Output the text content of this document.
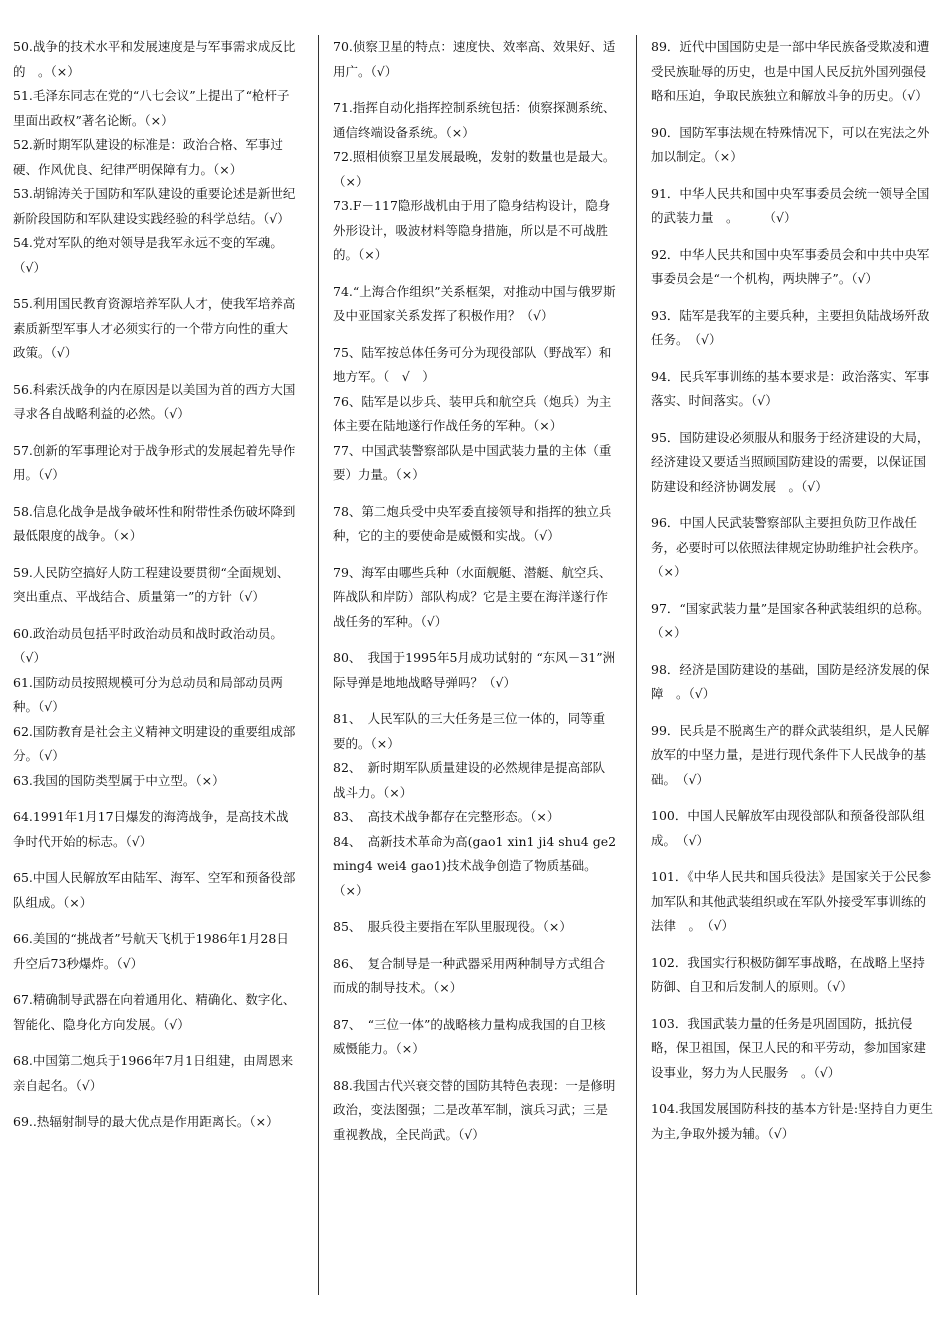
50.战争的技术水平和发展速度是与军事需求成反比的　。（×）

51.毛泽东同志在党的“八七会议”上提出了“枪杆子里面出政权”著名论断。（×）

52.新时期军队建设的标准是：政治合格、军事过硬、作风优良、纪律严明保障有力。（×）

53.胡锦涛关于国防和军队建设的重要论述是新世纪新阶段国防和军队建设实践经验的科学总结。（√）

54.党对军队的绝对领导是我军永远不变的军魂。（√）

55.利用国民教育资源培养军队人才，使我军培养高素质新型军事人才必须实行的一个带方向性的重大政策。（√）

56.科索沃战争的内在原因是以美国为首的西方大国寻求各自战略利益的必然。（√）

57.创新的军事理论对于战争形式的发展起着先导作用。（√）

58.信息化战争是战争破坏性和附带性杀伤破坏降到最低限度的战争。（×）

59.人民防空搞好人防工程建设要贯彻“全面规划、突出重点、平战结合、质量第一”的方针（√）

60.政治动员包括平时政治动员和战时政治动员。（√）

61.国防动员按照规模可分为总动员和局部动员两种。（√）

62.国防教育是社会主义精神文明建设的重要组成部分。（√）

63.我国的国防类型属于中立型。（×）

64.1991年1月17日爆发的海湾战争，是高技术战争时代开始的标志。（√）

65.中国人民解放军由陆军、海军、空军和预备役部队组成。（×）

66.美国的“挑战者”号航天飞机于1986年1月28日升空后73秒爆炸。（√）

67.精确制导武器在向着通用化、精确化、数字化、智能化、隐身化方向发展。（√）

68.中国第二炮兵于1966年7月1日组建，由周恩来亲自起名。（√）

69..热辐射制导的最大优点是作用距离长。（×）

70.侦察卫星的特点：速度快、效率高、效果好、适用广。（√）

71.指挥自动化指挥控制系统包括：侦察探测系统、通信终端设备系统。（×）

72.照相侦察卫星发展最晚，发射的数量也是最大。（×）

73.F－117隐形战机由于用了隐身结构设计，隐身外形设计，吸波材料等隐身措施，所以是不可战胜的。（×）

74.“上海合作组织”关系框架，对推动中国与俄罗斯及中亚国家关系发挥了积极作用？（√）

75、陆军按总体任务可分为现役部队（野战军）和地方军。（　√　）

76、陆军是以步兵、装甲兵和航空兵（炮兵）为主体主要在陆地遂行作战任务的军种。（×）

77、中国武装警察部队是中国武装力量的主体（重要）力量。（×）

78、第二炮兵受中央军委直接领导和指挥的独立兵种，它的主的要使命是威慑和实战。（√）

79、海军由哪些兵种（水面舰艇、潜艇、航空兵、阵战队和岸防）部队构成？它是主要在海洋遂行作战任务的军种。（√）

80、　我国于1995年5月成功试射的 “东风－31”洲际导弹是地地战略导弹吗？（√）

81、　人民军队的三大任务是三位一体的，同等重要的。（×）

82、　新时期军队质量建设的必然规律是提高部队战斗力。（×）

83、　高技术战争都存在完整形态。（×）

84、　高新技术革命为高(gao1 xin1 ji4 shu4 ge2 ming4 wei4 gao1)技术战争创造了物质基础。（×）

85、　服兵役主要指在军队里服现役。（×）

86、　复合制导是一种武器采用两种制导方式组合而成的制导技术。（×）

87、　“三位一体”的战略核力量构成我国的自卫核威慑能力。（×）

88.我国古代兴衰交替的国防其特色表现：一是修明政治，变法图强；二是改革军制，演兵习武；三是重视教战，全民尚武。（√）

89．近代中国国防史是一部中华民族备受欺凌和遭受民族耻辱的历史，也是中国人民反抗外国列强侵略和压迫，争取民族独立和解放斗争的历史。（√）

90．国防军事法规在特殊情况下，可以在宪法之外加以制定。（×）

91．中华人民共和国中央军事委员会统一领导全国的武装力量　。　　　（√）

92．中华人民共和国中央军事委员会和中共中央军事委员会是“一个机构，两块牌子”。（√）

93．陆军是我军的主要兵种，主要担负陆战场歼敌任务。　（√）

94．民兵军事训练的基本要求是：政治落实、军事落实、时间落实。（√）

95．国防建设必须服从和服务于经济建设的大局，经济建设又要适当照顾国防建设的需要，以保证国防建设和经济协调发展　。（√）

96．中国人民武装警察部队主要担负防卫作战任务，必要时可以依照法律规定协助维护社会秩序。　（×）

97．“国家武装力量”是国家各种武装组织的总称。（×）

98．经济是国防建设的基础，国防是经济发展的保障　。（√）

99．民兵是不脱离生产的群众武装组织，是人民解放军的中坚力量，是进行现代条件下人民战争的基础。　（√）

100．中国人民解放军由现役部队和预备役部队组成。　（√）

101．《中华人民共和国兵役法》是国家关于公民参加军队和其他武装组织或在军队外接受军事训练的法律　。　（√）

102．我国实行积极防御军事战略，在战略上坚持防御、自卫和后发制人的原则。（√）

103．我国武装力量的任务是巩固国防，抵抗侵略，保卫祖国，保卫人民的和平劳动，参加国家建设事业，努力为人民服务　。（√）

104.我国发展国防科技的基本方针是:坚持自力更生为主,争取外援为辅。（√）
